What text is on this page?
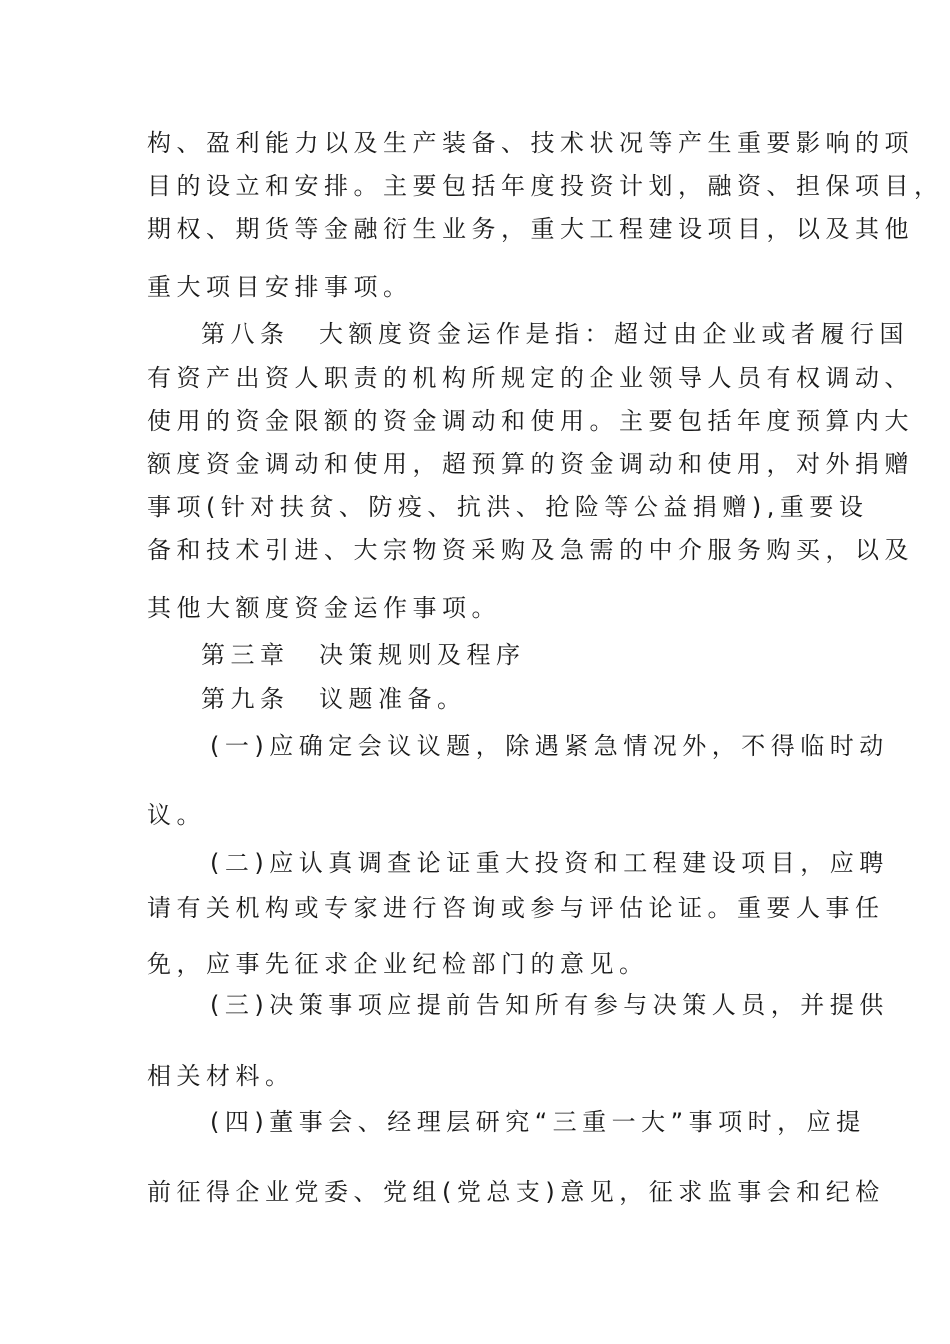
构、盈利能力以及生产装备、技术状况等产生重要影响的项
目的设立和安排。主要包括年度投资计划，融资、担保项目，
期权、期货等金融衍生业务，重大工程建设项目，以及其他
重大项目安排事项。
第八条　大额度资金运作是指：超过由企业或者履行国
有资产出资人职责的机构所规定的企业领导人员有权调动、
使用的资金限额的资金调动和使用。主要包括年度预算内大
额度资金调动和使用，超预算的资金调动和使用，对外捐赠
事项(针对扶贫、防疫、抗洪、抢险等公益捐赠),重要设
备和技术引进、大宗物资采购及急需的中介服务购买，以及
其他大额度资金运作事项。
第三章　决策规则及程序
第九条　议题准备。
(一)应确定会议议题，除遇紧急情况外，不得临时动
议。
(二)应认真调查论证重大投资和工程建设项目，应聘
请有关机构或专家进行咨询或参与评估论证。重要人事任
免，应事先征求企业纪检部门的意见。
(三)决策事项应提前告知所有参与决策人员，并提供
相关材料。
(四)董事会、经理层研究“三重一大”事项时，应提
前征得企业党委、党组(党总支)意见，征求监事会和纪检
